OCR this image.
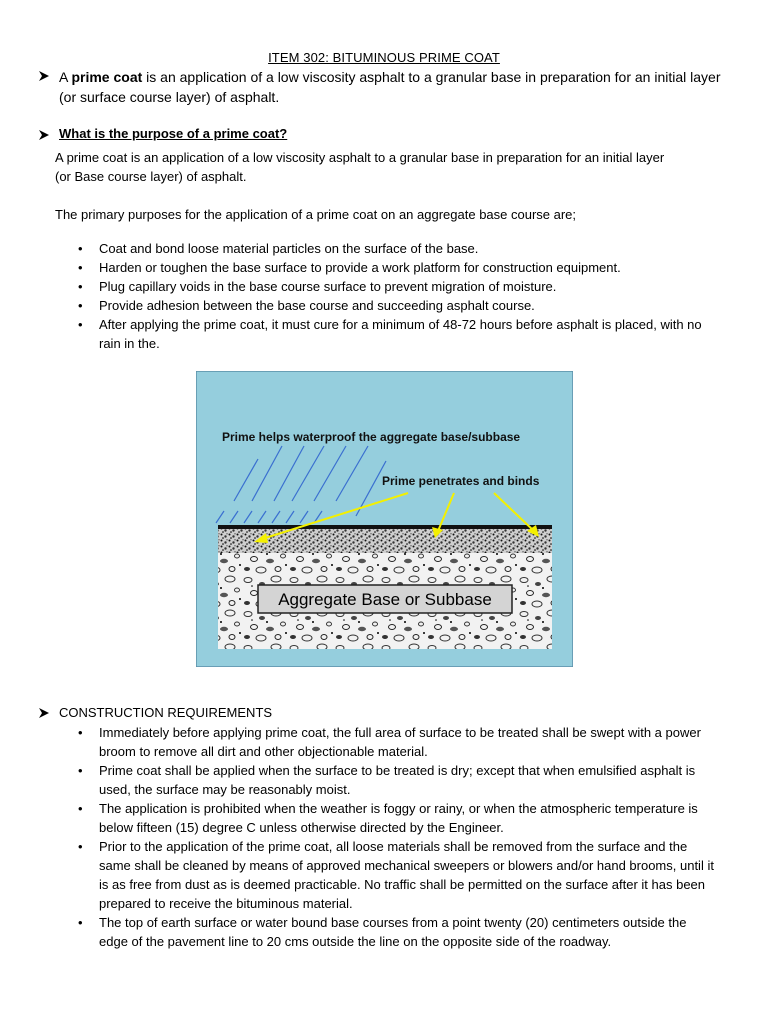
ITEM 302: BITUMINOUS PRIME COAT
A prime coat is an application of a low viscosity asphalt to a granular base in preparation for an initial layer
(or surface course layer) of asphalt.
What is the purpose of a prime coat?
A prime coat is an application of a low viscosity asphalt to a granular base in preparation for an initial layer
(or Base course layer) of asphalt.
The primary purposes for the application of a prime coat on an aggregate base course are;
• Coat and bond loose material particles on the surface of the base.
• Harden or toughen the base surface to provide a work platform for construction equipment.
• Plug capillary voids in the base course surface to prevent migration of moisture.
• Provide adhesion between the base course and succeeding asphalt course.
• After applying the prime coat, it must cure for a minimum of 48-72 hours before asphalt is placed, with no rain in the.
Prime helps waterproof the aggregate base/subbase
Prime penetrates and binds
Aggregate Base or Subbase
CONSTRUCTION REQUIREMENTS
• Immediately before applying prime coat, the full area of surface to be treated shall be swept with a power broom to remove all dirt and other objectionable material.
• Prime coat shall be applied when the surface to be treated is dry; except that when emulsified asphalt is used, the surface may be reasonably moist.
• The application is prohibited when the weather is foggy or rainy, or when the atmospheric temperature is below fifteen (15) degree C unless otherwise directed by the Engineer.
• Prior to the application of the prime coat, all loose materials shall be removed from the surface and the same shall be cleaned by means of approved mechanical sweepers or blowers and/or hand brooms, until it is as free from dust as is deemed practicable. No traffic shall be permitted on the surface after it has been prepared to receive the bituminous material.
• The top of earth surface or water bound base courses from a point twenty (20) centimeters outside the edge of the pavement line to 20 cms outside the line on the opposite side of the roadway.
